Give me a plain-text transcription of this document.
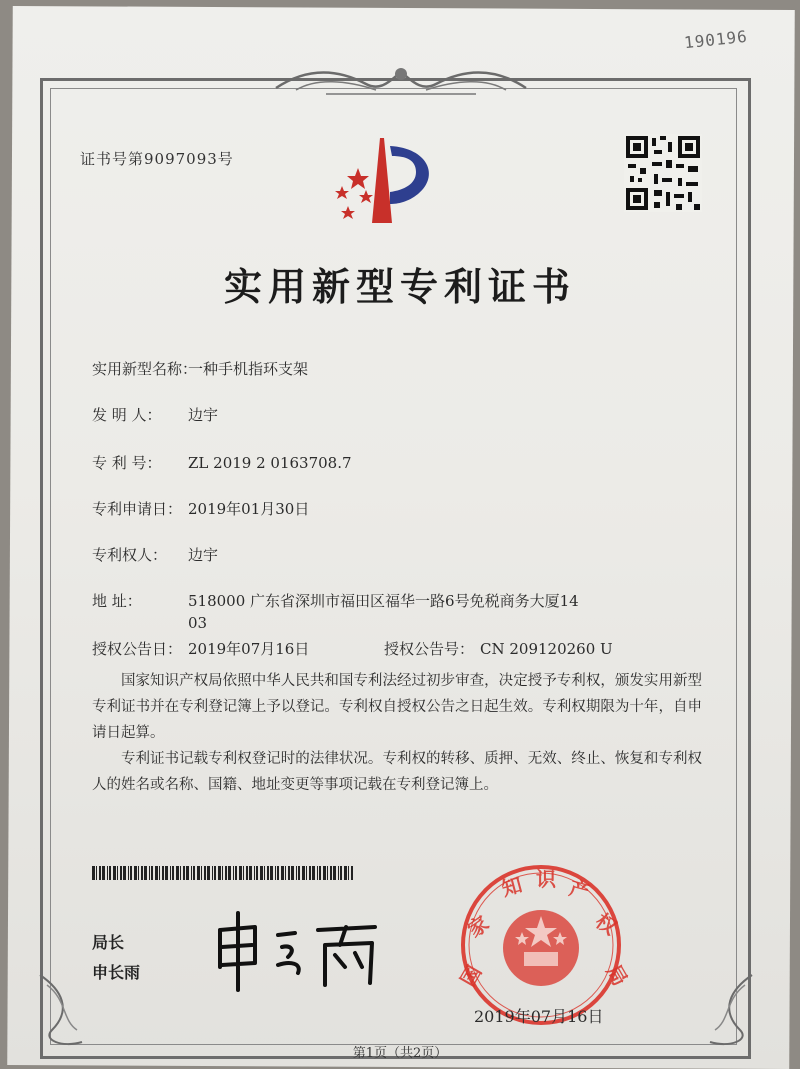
190196
证书号第9097093号
实用新型专利证书
实用新型名称：一种手机指环支架
发 明 人： 边宇
专 利 号： ZL 2019 2 0163708.7
专利申请日： 2019年01月30日
专利权人： 边宇
地 址：	518000 广东省深圳市福田区福华一路6号免税商务大厦14
03
授权公告日： 2019年07月16日	授权公告号： CN 209120260 U
国家知识产权局依照中华人民共和国专利法经过初步审查，决定授予专利权，颁发实用新型专利证书并在专利登记簿上予以登记。专利权自授权公告之日起生效。专利权期限为十年，自申请日起算。
专利证书记载专利权登记时的法律状况。专利权的转移、质押、无效、终止、恢复和专利权人的姓名或名称、国籍、地址变更等事项记载在专利登记簿上。
局长
申长雨	国
家
知 识 产
权
局
2019年07月16日
第1页（共2页）
